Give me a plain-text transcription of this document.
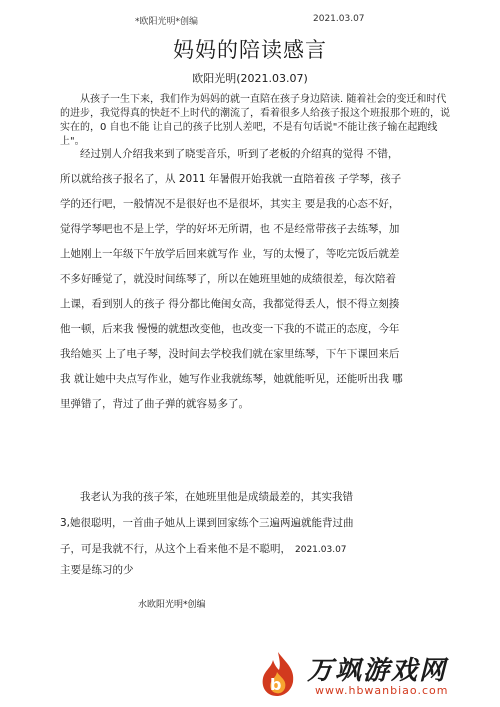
*欧阳光明*创编	2021.03.07
妈妈的陪读感言
欧阳光明(2021.03.07)
从孩子一生下来，我们作为妈妈的就一直陪在孩子身边陪读. 随着社会的变迁和时代的进步，我觉得真的快赶不上时代的潮流了，看着很多人给孩子报这个班报那个班的，说实在的，0 自也不能 让自己的孩子比别人差吧，不是有句话说"不能让孩子输在起跑线 上"。
经过别人介绍我来到了晓雯音乐，听到了老板的介绍真的觉得 不错，
所以就给孩子报名了，从 2011 年暑假开始我就一直陪着孩 子学琴，孩子
学的还行吧，一般情况不是很好也不是很坏，其实主 要是我的心态不好，
觉得学琴吧也不是上学，学的好坏无所谓，也 不是经常带孩子去练琴，加
上她刚上一年级下午放学后回来就写作 业，写的太慢了，等吃完饭后就差
不多好睡觉了，就没时间练琴了，所以在她班里她的成绩很差，每次陪着
上课，看到别人的孩子 得分都比俺闺女高，我都觉得丢人，恨不得立刻揍
他一顿，后来我 慢慢的就想改变他，也改变一下我的不谎正的态度，今年
我给她买 上了电子琴，没时间去学校我们就在家里练琴，下午下课回来后
我 就让她中夬点写作业，她写作业我就练琴，她就能听见，还能听出我 哪
里弹错了，背过了曲子弹的就容易多了。
我老认为我的孩子笨，在她班里他是成绩最差的，其实我错
3,她很聪明，一首曲子她从上课到回家练个三遍两遍就能背过曲
子，可是我就不行，从这个上看来他不是不聪明， 2021.03.07
主要是练习的少
水欧阳光明*创编
b 万飒游戏网
www.hbwanbiao.com
